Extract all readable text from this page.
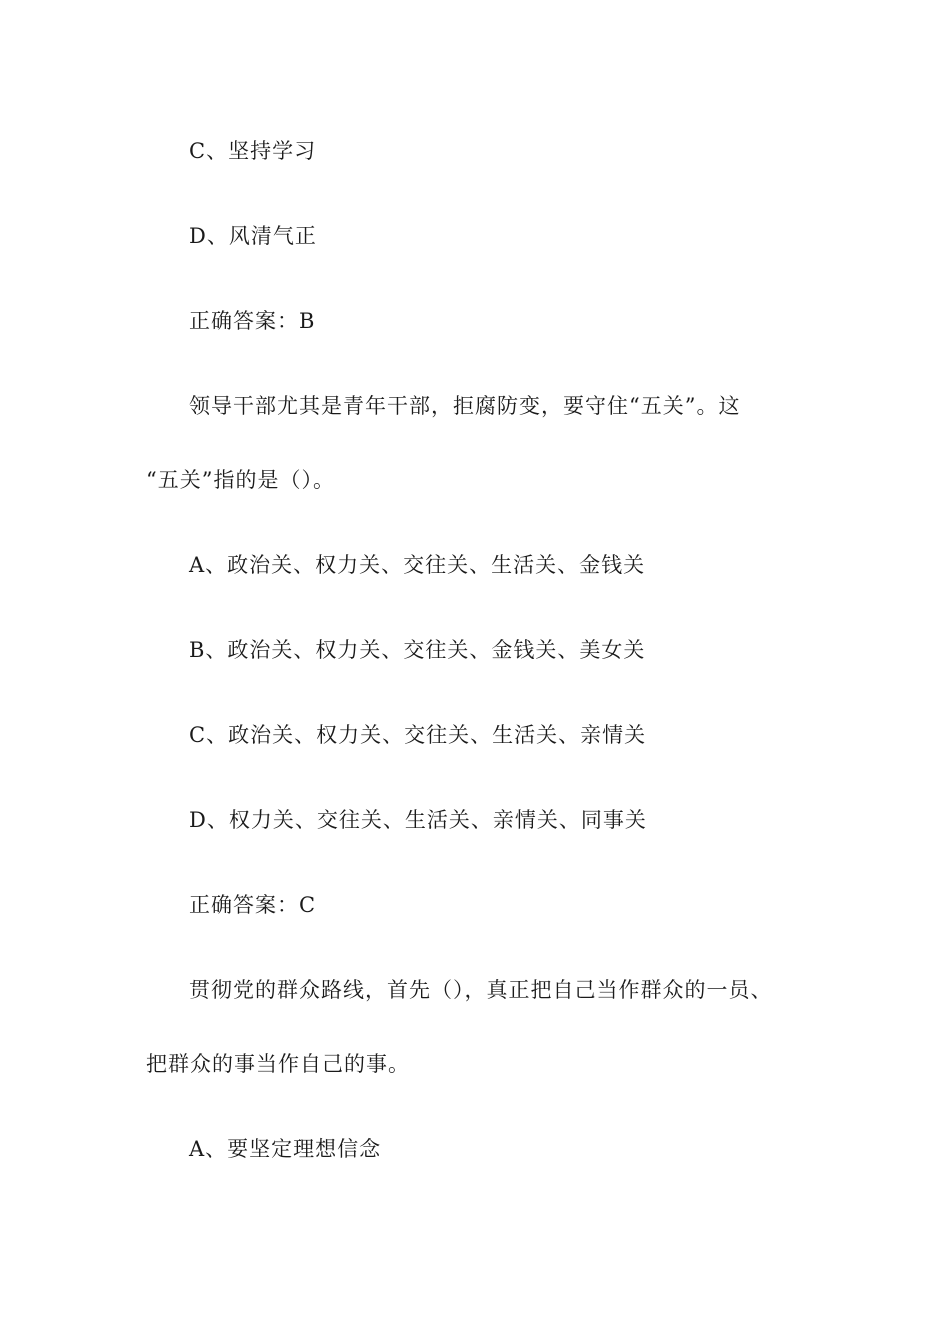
C、坚持学习
D、风清气正
正确答案：B
领导干部尤其是青年干部，拒腐防变，要守住“五关”。这
“五关”指的是（）。
A、政治关、权力关、交往关、生活关、金钱关
B、政治关、权力关、交往关、金钱关、美女关
C、政治关、权力关、交往关、生活关、亲情关
D、权力关、交往关、生活关、亲情关、同事关
正确答案：C
贯彻党的群众路线，首先（），真正把自己当作群众的一员、
把群众的事当作自己的事。
A、要坚定理想信念
